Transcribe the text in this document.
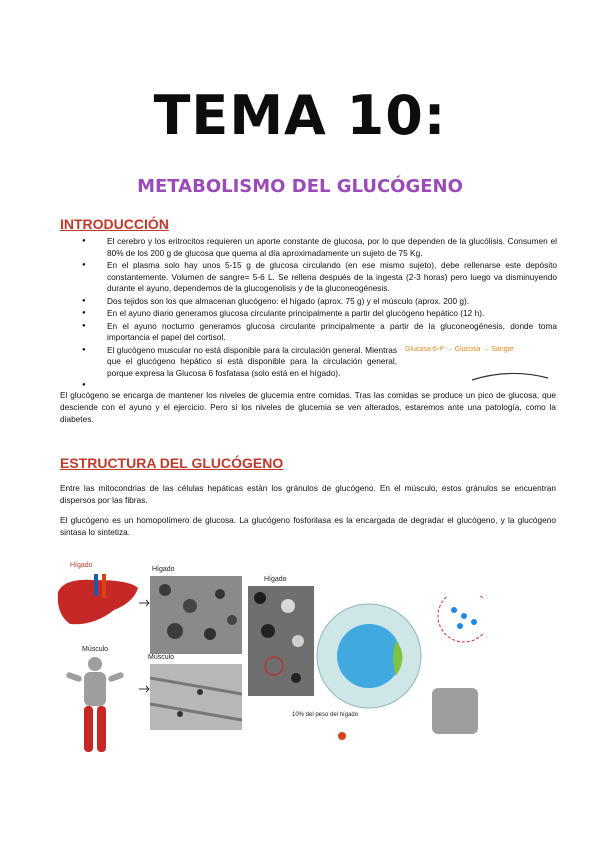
TEMA 10:
METABOLISMO DEL GLUCÓGENO
INTRODUCCIÓN
● El cerebro y los eritrocitos requieren un aporte constante de glucosa, por lo que dependen de la glucólisis. Consumen el 80% de los 200 g de glucosa que quema al día aproximadamente un sujeto de 75 Kg.
● En el plasma solo hay unos 5-15 g de glucosa circulando (en ese mismo sujeto), debe rellenarse este depósito constantemente. Volumen de sangre= 5-6 L. Se rellena después de la ingesta (2-3 horas) pero luego va disminuyendo durante el ayuno, dependemos de la glucogenolisis y de la gluconeogénesis.
● Dos tejidos son los que almacenan glucógeno: el hígado (aprox. 75 g) y el músculo (aprox. 200 g).
● En el ayuno diario generamos glucosa circulante principalmente a partir del glucógeno hepático (12 h).
● En el ayuno nocturno generamos glucosa circulante principalmente a partir de la gluconeogénesis, donde toma importancia el papel del cortisol.
● El glucógeno muscular no está disponible para la circulación general. Mientras que el glucógeno hepático si está disponible para la circulación general, porque expresa la Glucosa 6 fosfatasa (solo está en el hígado).
●
Glucosa-6-P → Glucosa → Sangre
El glucógeno se encarga de mantener los niveles de glucemia entre comidas. Tras las comidas se produce un pico de glucosa, que desciende con el ayuno y el ejercicio. Pero si los niveles de glucemia se ven alterados, estaremos ante una patología, como la diabetes.
ESTRUCTURA DEL GLUCÓGENO
Entre las mitocondrias de las células hepáticas están los gránulos de glucógeno. En el músculo, estos gránulos se encuentran dispersos por las fibras.
El glucógeno es un homopolímero de glucosa. La glucógeno fosforilasa es la encargada de degradar el glucógeno, y la glucógeno sintasa lo sintetiza.
Hígado
Músculo
Hígado
Músculo
Hígado
10% del peso del hígado
